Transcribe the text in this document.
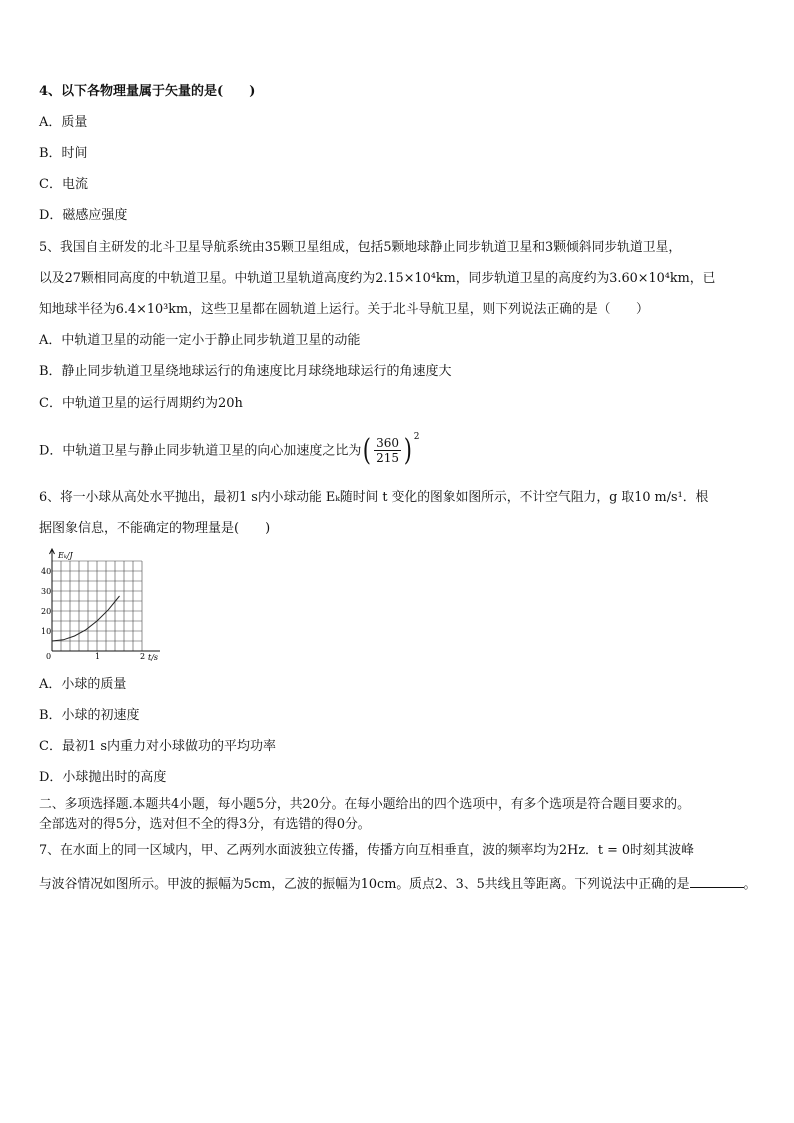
4、以下各物理量属于矢量的是(　　)
A．质量
B．时间
C．电流
D．磁感应强度
5、我国自主研发的北斗卫星导航系统由35颗卫星组成，包括5颗地球静止同步轨道卫星和3颗倾斜同步轨道卫星，
以及27颗相同高度的中轨道卫星。中轨道卫星轨道高度约为2.15×10⁴km，同步轨道卫星的高度约为3.60×10⁴km，已
知地球半径为6.4×10³km，这些卫星都在圆轨道上运行。关于北斗导航卫星，则下列说法正确的是（　　）
A．中轨道卫星的动能一定小于静止同步轨道卫星的动能
B．静止同步轨道卫星绕地球运行的角速度比月球绕地球运行的角速度大
C．中轨道卫星的运行周期约为20h
D．中轨道卫星与静止同步轨道卫星的向心加速度之比为( $\frac{360}{215}$ ) $^2$
6、将一小球从高处水平抛出，最初1 s内小球动能 Eₖ随时间 t 变化的图象如图所示，不计空气阻力，g 取10 m/s¹．根
据图象信息，不能确定的物理量是(　　)
1	2
10
20
30
40
Eₖ/J
t/s
0
A．小球的质量
B．小球的初速度
C．最初1 s内重力对小球做功的平均功率
D．小球抛出时的高度
二、多项选择题.本题共4小题，每小题5分，共20分。在每小题给出的四个选项中，有多个选项是符合题目要求的。
全部选对的得5分，选对但不全的得3分，有选错的得0分。
7、在水面上的同一区域内，甲、乙两列水面波独立传播，传播方向互相垂直，波的频率均为2Hz．t = 0时刻其波峰
与波谷情况如图所示。甲波的振幅为5cm，乙波的振幅为10cm。质点2、3、5共线且等距离。下列说法中正确的是	。
